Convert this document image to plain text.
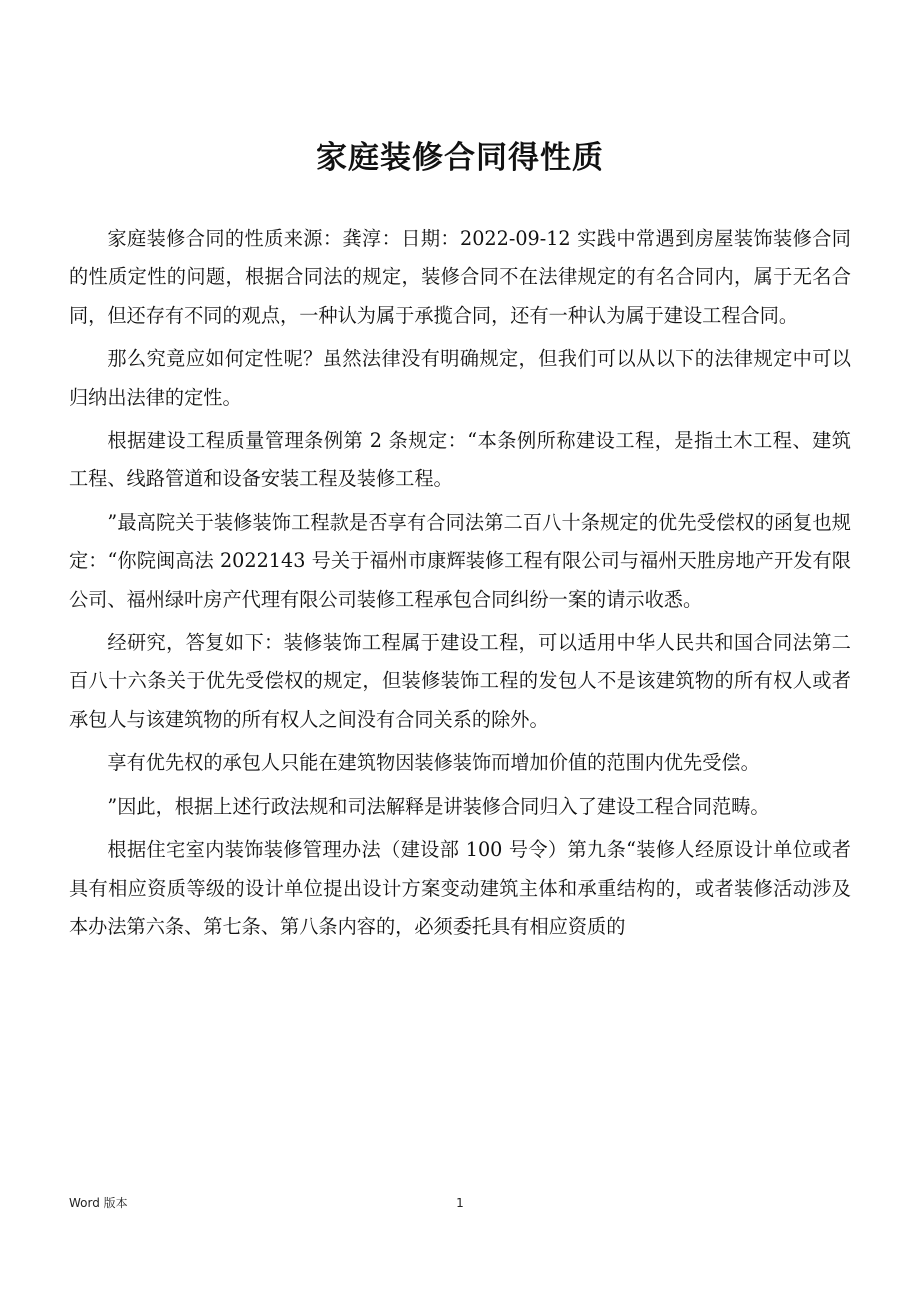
家庭装修合同得性质

家庭装修合同的性质来源：龚淳：日期：2022-09-12 实践中常遇到房屋装饰装修合同的性质定性的问题，根据合同法的规定，装修合同不在法律规定的有名合同内，属于无名合同，但还存有不同的观点，一种认为属于承揽合同，还有一种认为属于建设工程合同。

那么究竟应如何定性呢？虽然法律没有明确规定，但我们可以从以下的法律规定中可以归纳出法律的定性。

根据建设工程质量管理条例第 2 条规定：“本条例所称建设工程，是指土木工程、建筑工程、线路管道和设备安装工程及装修工程。

”最高院关于装修装饰工程款是否享有合同法第二百八十条规定的优先受偿权的函复也规定：“你院闽高法 2022143 号关于福州市康辉装修工程有限公司与福州天胜房地产开发有限公司、福州绿叶房产代理有限公司装修工程承包合同纠纷一案的请示收悉。

经研究，答复如下：装修装饰工程属于建设工程，可以适用中华人民共和国合同法第二百八十六条关于优先受偿权的规定，但装修装饰工程的发包人不是该建筑物的所有权人或者承包人与该建筑物的所有权人之间没有合同关系的除外。

享有优先权的承包人只能在建筑物因装修装饰而增加价值的范围内优先受偿。

”因此，根据上述行政法规和司法解释是讲装修合同归入了建设工程合同范畴。

根据住宅室内装饰装修管理办法（建设部 100 号令）第九条“装修人经原设计单位或者具有相应资质等级的设计单位提出设计方案变动建筑主体和承重结构的，或者装修活动涉及本办法第六条、第七条、第八条内容的，必须委托具有相应资质的

Word 版本	1
